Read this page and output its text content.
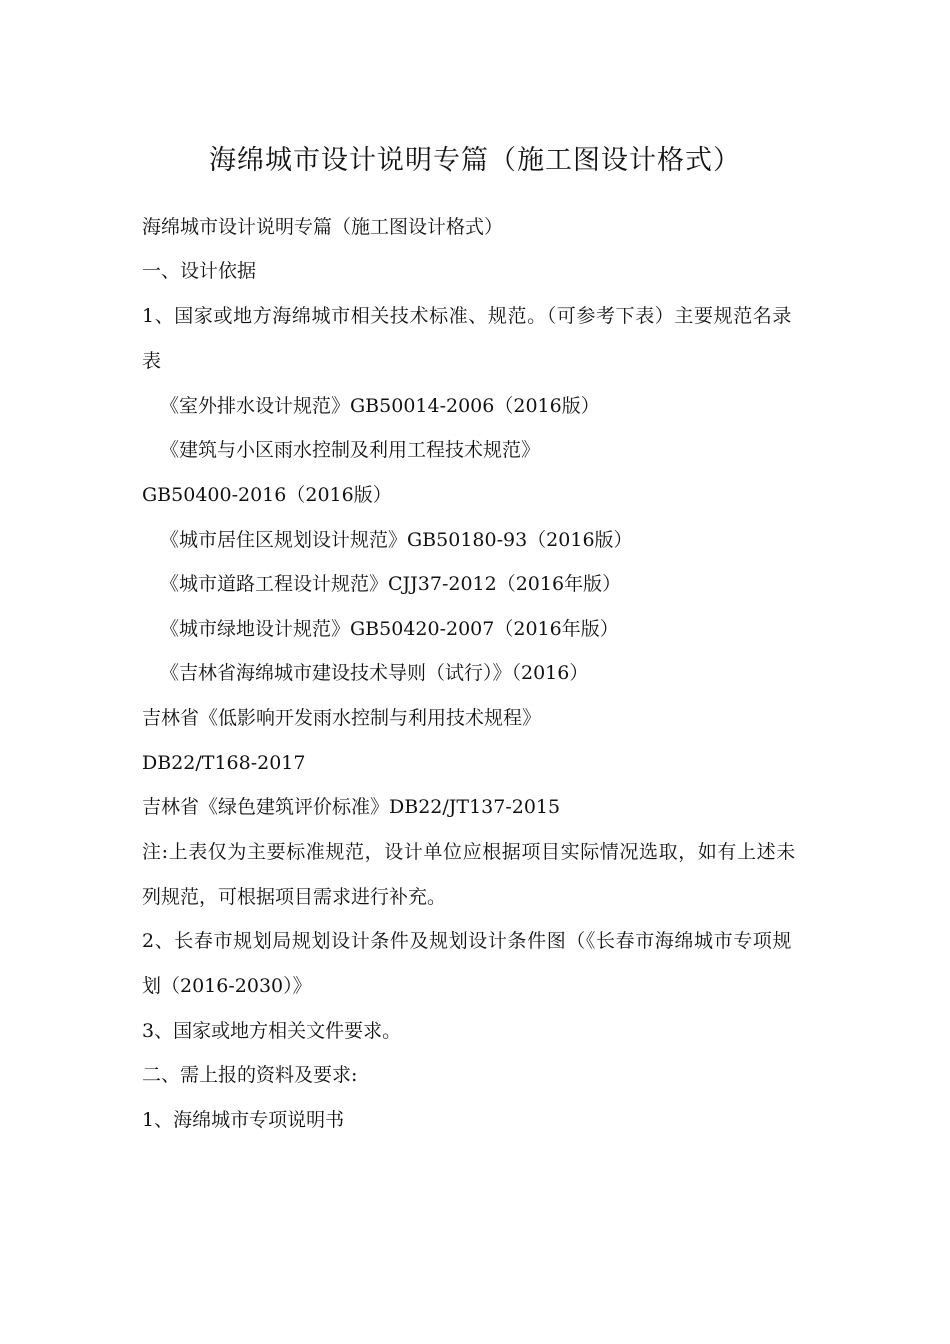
海绵城市设计说明专篇（施工图设计格式）
海绵城市设计说明专篇（施工图设计格式）
一、设计依据
1、国家或地方海绵城市相关技术标准、规范。（可参考下表）主要规范名录
表
《室外排水设计规范》GB50014-2006（2016版）
《建筑与小区雨水控制及利用工程技术规范》
GB50400-2016（2016版）
《城市居住区规划设计规范》GB50180-93（2016版）
《城市道路工程设计规范》CJJ37-2012（2016年版）
《城市绿地设计规范》GB50420-2007（2016年版）
《吉林省海绵城市建设技术导则（试行）》（2016）
吉林省《低影响开发雨水控制与利用技术规程》
DB22/T168-2017
吉林省《绿色建筑评价标准》DB22/JT137-2015
注:上表仅为主要标准规范，设计单位应根据项目实际情况选取，如有上述未
列规范，可根据项目需求进行补充。
2、长春市规划局规划设计条件及规划设计条件图（《长春市海绵城市专项规
划（2016-2030）》
3、国家或地方相关文件要求。
二、需上报的资料及要求:
1、海绵城市专项说明书
